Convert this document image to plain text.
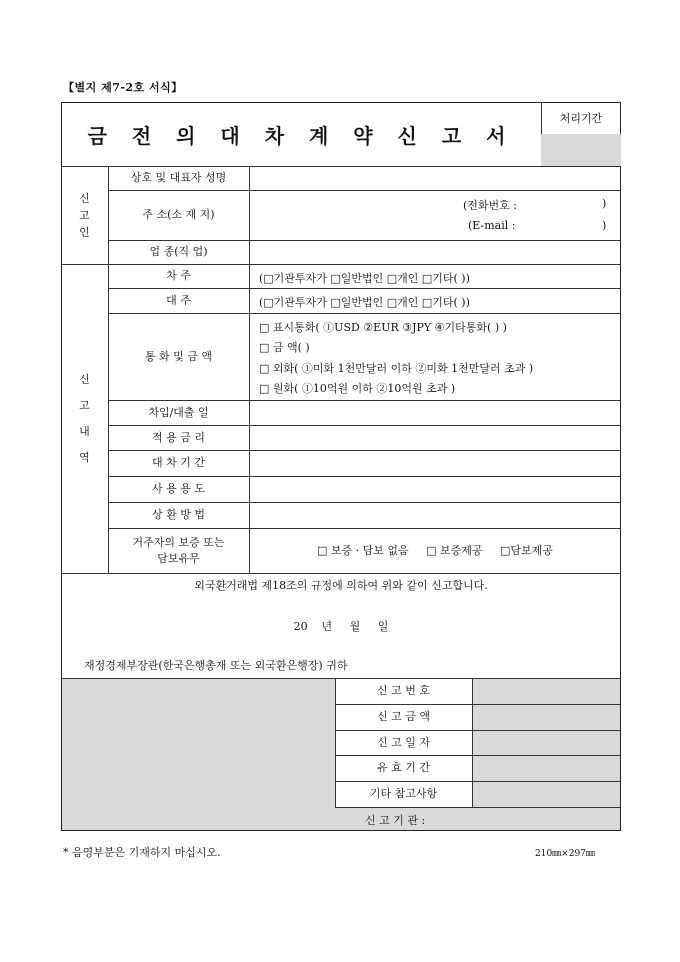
【별지 제7-2호 서식】
금 전 의 대 차 계 약 신 고 서
처리기간
신
고
인
상호 및 대표자 성명
주 소(소 재 지)
(전화번호 :	)
(E-mail :	)
업 종(직 업)
신
고
내
역
차 주	(□기관투자가 □일반법인 □개인 □기타( ))
대 주	(□기관투자가 □일반법인 □개인 □기타( ))
통 화 및 금 액
□ 표시통화( ①USD ②EUR ③JPY ④기타통화( ) )
□ 금 액( )
□ 외화( ①미화 1천만달러 이하 ②미화 1천만달러 초과 )
□ 원화( ①10억원 이하 ②10억원 초과 )
차입/대출 일
적 용 금 리
대 차 기 간
사 용 용 도
상 환 방 법
거주자의 보증 또는
담보유무
□ 보증 · 담보 없음     □ 보증제공     □담보제공
외국환거래법 제18조의 규정에 의하여 위와 같이 신고합니다.
20    년     월     일
재정경제부장관(한국은행총재 또는 외국환은행장) 귀하
신 고 번 호
신 고 금 액
신 고 일 자
유 효 기 간
기타 참고사항
신 고 기 관 :
* 음영부분은 기재하지 마십시오.	210㎜×297㎜
